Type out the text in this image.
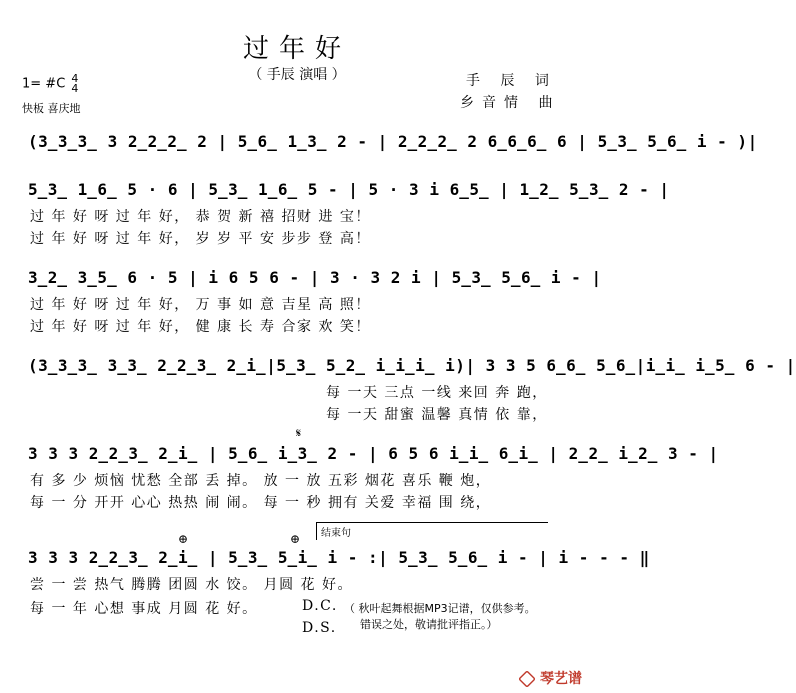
过年好
（ 手辰 演唱 ）	手 辰 词
乡音情 曲
1= #C 4
4
快板 喜庆地
(3̲3̲3̲ 3 2̲2̲2̲ 2 | 5̲6̲ 1̲3̲ 2 - | 2̲2̲2̲ 2 6̲6̲6̲ 6 | 5̲3̲ 5̲6̲ i - )|
5̲3̲ 1̲6̲ 5 · 6 | 5̲3̲ 1̲6̲ 5 - | 5 · 3 i 6̲5̲ | 1̲2̲ 5̲3̲ 2 - |
过 年 好 呀 过 年 好， 恭 贺 新 禧 招财 进 宝！
过 年 好 呀 过 年 好， 岁 岁 平 安 步步 登 高！
3̲2̲ 3̲5̲ 6 · 5 | i 6 5 6 - | 3 · 3 2 i | 5̲3̲ 5̲6̲ i - |
过 年 好 呀 过 年 好， 万 事 如 意 吉星 高 照！
过 年 好 呀 过 年 好， 健 康 长 寿 合家 欢 笑！
(3̲3̲3̲ 3̲3̲ 2̲2̲3̲ 2̲i̲|5̲3̲ 5̲2̲ i̲i̲i̲ i)| 3 3 5 6̲6̲ 5̲6̲|i̲i̲ i̲5̲ 6 - |
每 一天 三点 一线 来回 奔 跑，
每 一天 甜蜜 温馨 真情 依 靠，
𝄋
3 3 3 2̲2̲3̲ 2̲i̲ | 5̲6̲ i̲3̲ 2 - | 6 5 6 i̲i̲ 6̲i̲ | 2̲2̲ i̲2̲ 3 - |
有 多 少 烦恼 忧愁 全部 丢 掉。 放 一 放 五彩 烟花 喜乐 鞭 炮，
每 一 分 开开 心心 热热 闹 闹。 每 一 秒 拥有 关爱 幸福 围 绕，
结束句
⊕	⊕
3 3 3 2̲2̲3̲ 2̲i̲ | 5̲3̲ 5̲i̲ i - :| 5̲3̲ 5̲6̲ i - | i - - - ‖
尝 一 尝 热气 腾腾 团圆 水 饺。 月圆 花 好。
每 一 年 心想 事成 月圆 花 好。	D.C.
D.S.
（ 秋叶起舞根据MP3记谱，仅供参考。
错误之处，敬请批评指正。）
琴艺谱
